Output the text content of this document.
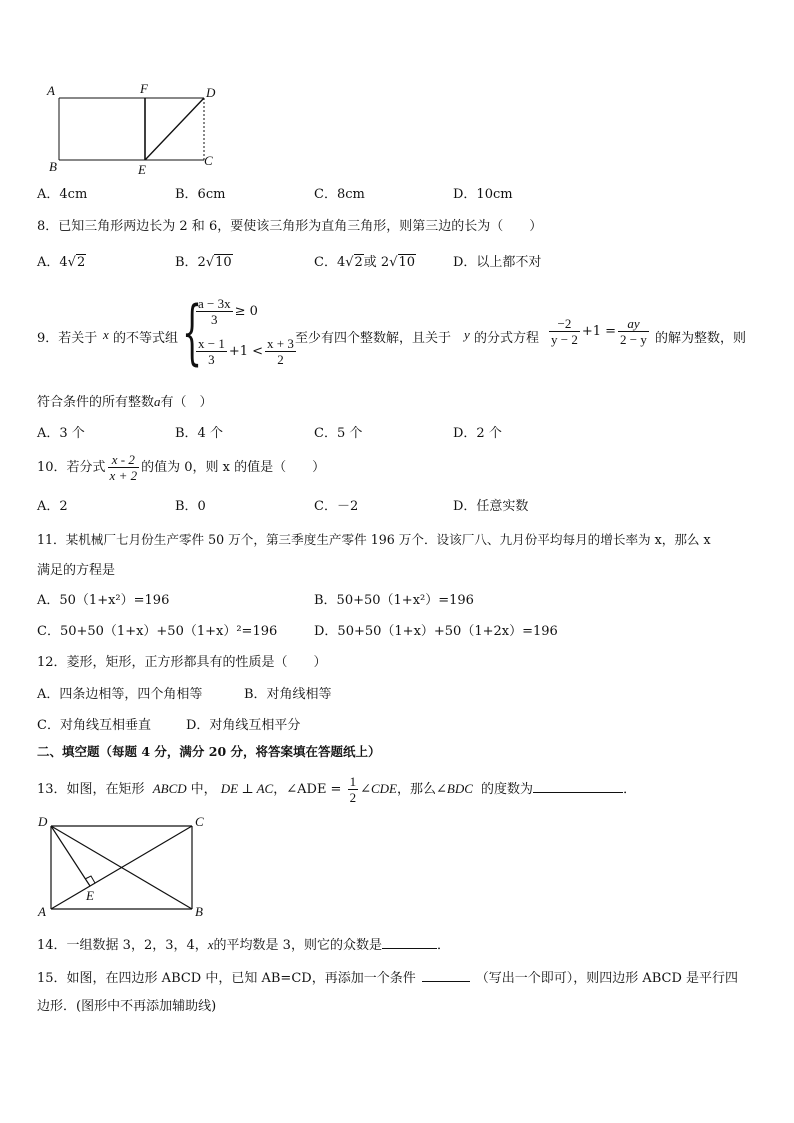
A	F	D
B	E
C
A．4cm	B．6cm	C．8cm	D．10cm
8．已知三角形两边长为 2 和 6，要使该三角形为直角三角形，则第三边的长为（　　）
A．4√2	B．2√10	C．4√2或 2√10	D．以上都不对
9．若关于 x 的不等式组 {
$\frac{a - 3x}{3} \ge 0$
$\frac{x - 1}{3} +1 < \frac{x + 3}{2}$ 至少有四个整数解，且关于 y 的分式方程 $\frac{-2}{y - 2} +1 = \frac{ay}{2 - y}$ 的解为整数，则
符合条件的所有整数a有（　）
A．3 个	B．4 个	C．5 个	D．2 个
10．若分式 $\frac{x - 2}{x + 2}$ 的值为 0，则 x 的值是（　　）
A．2	B．0	C．－2	D．任意实数
11．某机械厂七月份生产零件 50 万个，第三季度生产零件 196 万个．设该厂八、九月份平均每月的增长率为 x，那么 x
满足的方程是
A．50（1+x²）=196	B．50+50（1+x²）=196
C．50+50（1+x）+50（1+x）²=196	D．50+50（1+x）+50（1+2x）=196
12．菱形，矩形，正方形都具有的性质是（　　）
A．四条边相等，四个角相等	B．对角线相等
C．对角线互相垂直	D．对角线互相平分
二、填空题（每题 4 分，满分 20 分，将答案填在答题纸上）
13．如图，在矩形 ABCD 中， DE ⊥ AC，∠ADE = $\frac{1}{2}$ ∠CDE，那么∠BDC 的度数为	．
D	C
A	B
E
14．一组数据 3，2，3，4，x的平均数是 3，则它的众数是	．
15．如图，在四边形 ABCD 中，已知 AB=CD，再添加一个条件	（写出一个即可），则四边形 ABCD 是平行四
边形．(图形中不再添加辅助线)
